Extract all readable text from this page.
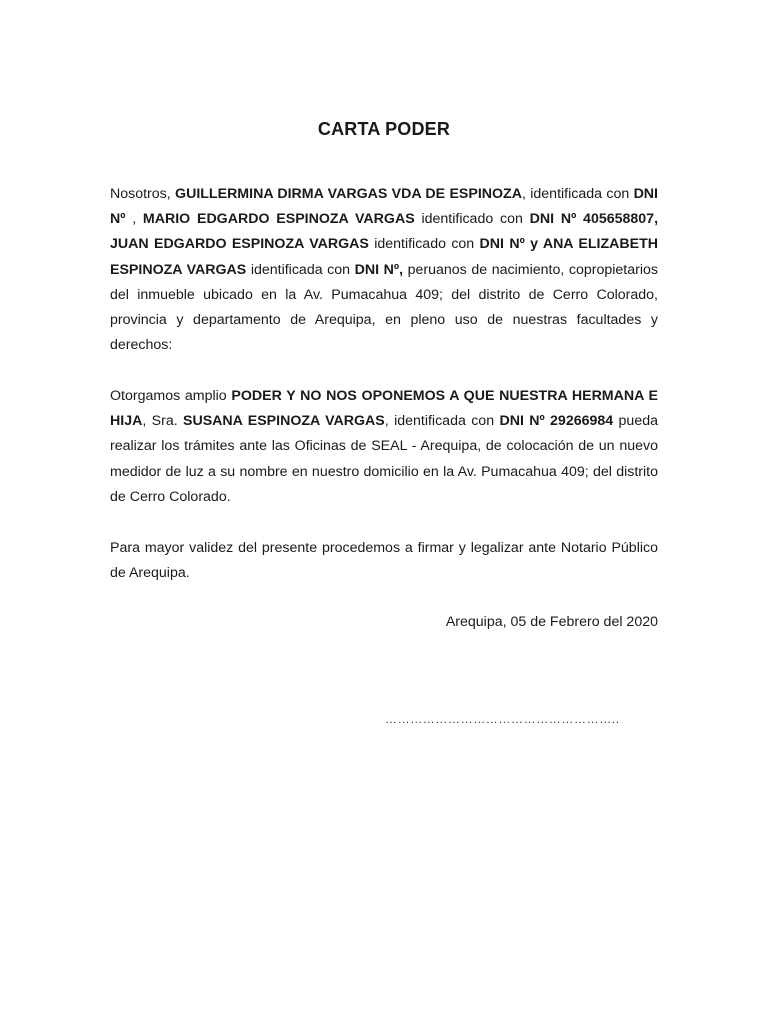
CARTA PODER
Nosotros, GUILLERMINA DIRMA VARGAS VDA DE ESPINOZA, identificada con DNI Nº , MARIO EDGARDO ESPINOZA VARGAS identificado con DNI Nº 405658807, JUAN EDGARDO ESPINOZA VARGAS identificado con DNI Nº y ANA ELIZABETH ESPINOZA VARGAS identificada con DNI Nº, peruanos de nacimiento, copropietarios del inmueble ubicado en la Av. Pumacahua 409; del distrito de Cerro Colorado, provincia y departamento de Arequipa, en pleno uso de nuestras facultades y derechos:
Otorgamos amplio PODER Y NO NOS OPONEMOS A QUE NUESTRA HERMANA E HIJA, Sra. SUSANA ESPINOZA VARGAS, identificada con DNI Nº 29266984 pueda realizar los trámites ante las Oficinas de SEAL - Arequipa, de colocación de un nuevo medidor de luz a su nombre en nuestro domicilio en la Av. Pumacahua 409; del distrito de Cerro Colorado.
Para mayor validez del presente procedemos a firmar y legalizar ante Notario Público de Arequipa.
Arequipa, 05 de Febrero del 2020
………………………………………………..
